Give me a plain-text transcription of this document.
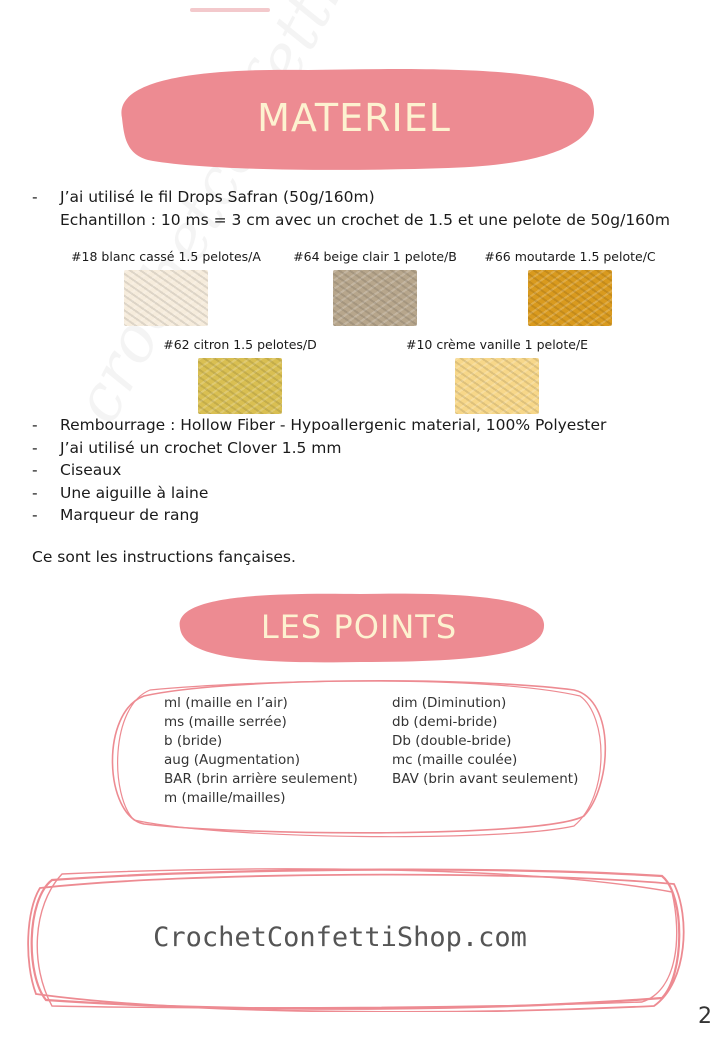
MATERIEL
-	J’ai utilisé le fil Drops Safran (50g/160m)
Echantillon : 10 ms = 3 cm avec un crochet de 1.5 et une pelote de 50g/160m
#18 blanc cassé 1.5 pelotes/A	#64 beige clair 1 pelote/B	#66 moutarde 1.5 pelote/C
#62 citron 1.5 pelotes/D	#10 crème vanille 1 pelote/E
-	Rembourrage : Hollow Fiber - Hypoallergenic material, 100% Polyester
-	J’ai utilisé un crochet Clover 1.5 mm
-	Ciseaux
-	Une aiguille à laine
-	Marqueur de rang
Ce sont les instructions fançaises.
LES POINTS
ml (maille en l’air)
ms (maille serrée)
b (bride)
aug (Augmentation)
BAR (brin arrière seulement)
m (maille/mailles)
dim (Diminution)
db (demi-bride)
Db (double-bride)
mc (maille coulée)
BAV (brin avant seulement)
CrochetConfettiShop.com
2
